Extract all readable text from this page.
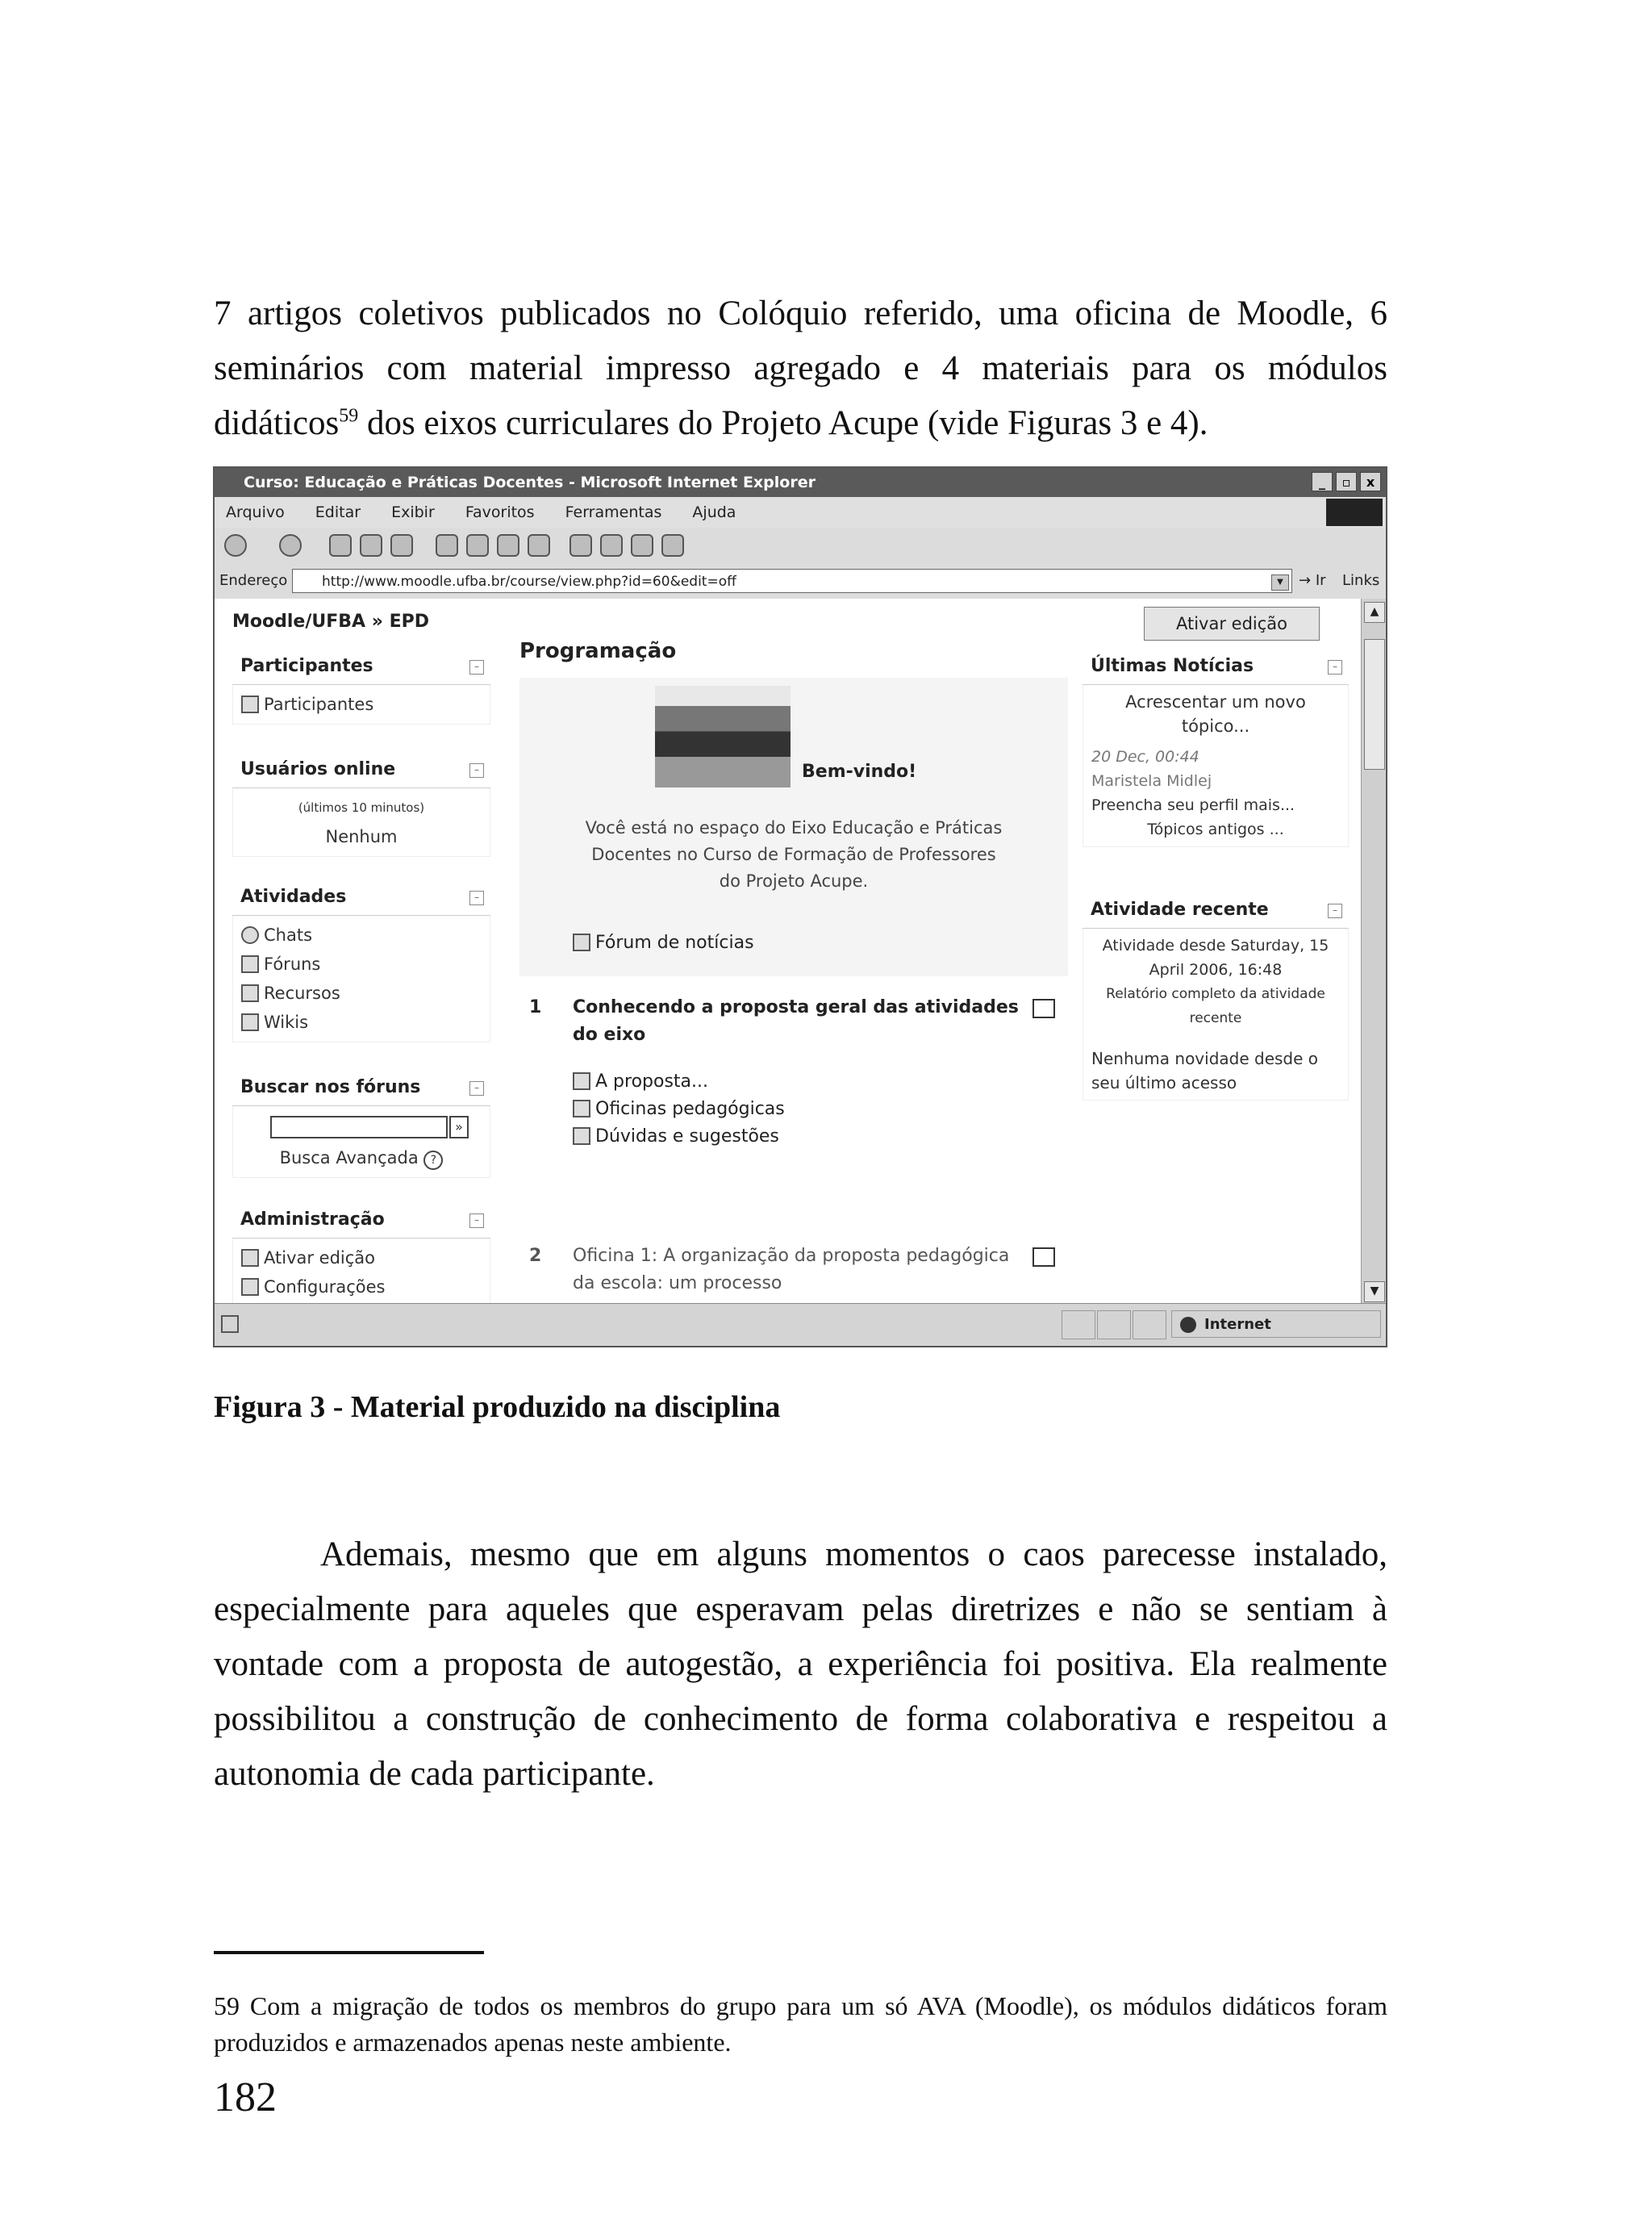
7 artigos coletivos publicados no Colóquio referido, uma oficina de Moodle, 6 seminários com material impresso agregado e 4 materiais para os módulos didáticos$^{59}$ dos eixos curriculares do Projeto Acupe (vide Figuras 3 e 4).

Curso: Educação e Práticas Docentes - Microsoft Internet Explorer	_	▫	x
Arquivo Editar Exibir Favoritos Ferramentas Ajuda
Endereço	http://www.moodle.ufba.br/course/view.php?id=60&edit=off	▼	→ Ir Links
Moodle/UFBA » EPD	Ativar edição
Participantes	–
Participantes
Usuários online	–
(últimos 10 minutos)
Nenhum
Atividades	–
Chats
Fóruns
Recursos
Wikis
Buscar nos fóruns	–
»
Busca Avançada ?
Administração	–
Ativar edição
Configurações
Programação
Bem-vindo!
Você está no espaço do Eixo Educação e Práticas Docentes no Curso de Formação de Professores do Projeto Acupe.
Fórum de notícias
1 Conhecendo a proposta geral das atividades do eixo
A proposta...
Oficinas pedagógicas
Dúvidas e sugestões
2 Oficina 1: A organização da proposta pedagógica da escola: um processo
Últimas Notícias	–
Acrescentar um novo tópico...
20 Dec, 00:44
Maristela Midlej
Preencha seu perfil mais...
Tópicos antigos ...
Atividade recente	–
Atividade desde Saturday, 15 April 2006, 16:48
Relatório completo da atividade recente
Nenhuma novidade desde o seu último acesso
▲
▼
Internet
Figura 3 - Material produzido na disciplina

Ademais, mesmo que em alguns momentos o caos parecesse instalado, especialmente para aqueles que esperavam pelas diretrizes e não se sentiam à vontade com a proposta de autogestão, a experiência foi positiva. Ela realmente possibilitou a construção de conhecimento de forma colaborativa e respeitou a autonomia de cada participante.

59 Com a migração de todos os membros do grupo para um só AVA (Moodle), os módulos didáticos foram produzidos e armazenados apenas neste ambiente.

182
